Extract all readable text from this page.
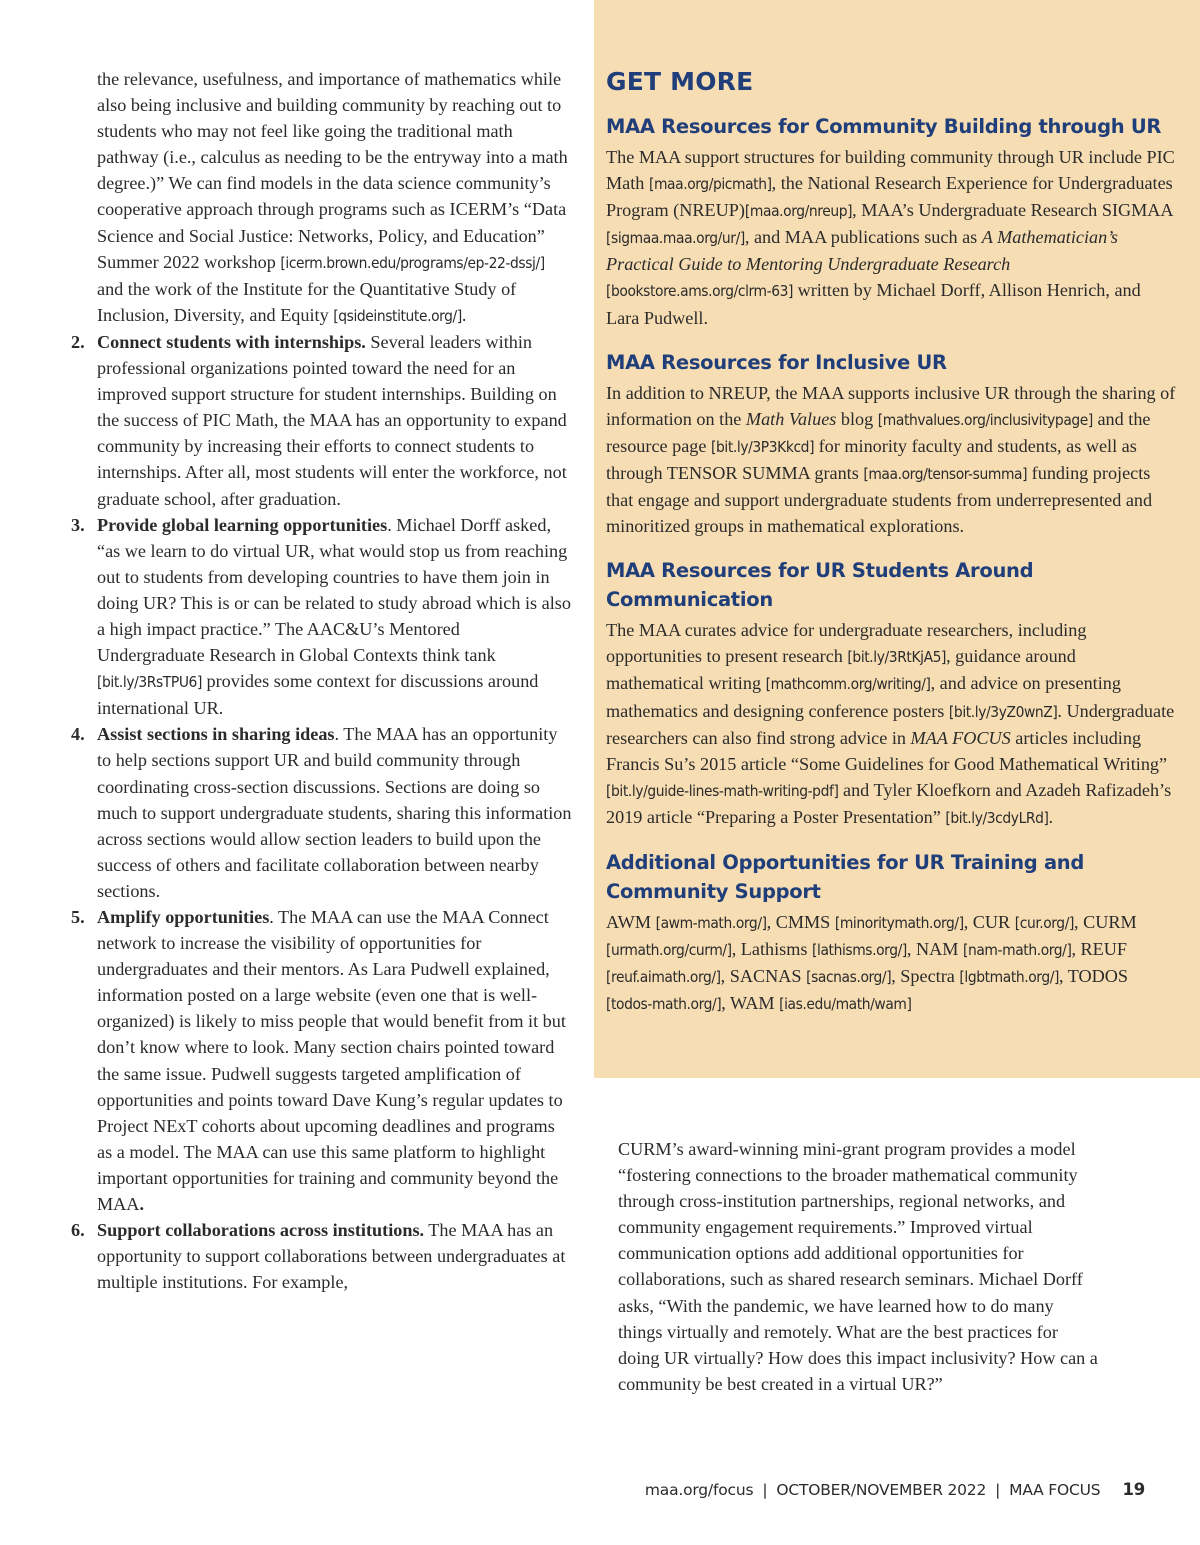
the relevance, usefulness, and importance of mathematics while also being inclusive and building community by reaching out to students who may not feel like going the traditional math pathway (i.e., calculus as needing to be the entryway into a math degree.)” We can find models in the data science community’s cooperative approach through programs such as ICERM’s “Data Science and Social Justice: Networks, Policy, and Education” Summer 2022 workshop [icerm.brown.edu/programs/ep-22-dssj/] and the work of the Institute for the Quantitative Study of Inclusion, Diversity, and Equity [qsideinstitute.org/].

2. Connect students with internships. Several leaders within professional organizations pointed toward the need for an improved support structure for student internships. Building on the success of PIC Math, the MAA has an opportunity to expand community by increasing their efforts to connect students to internships. After all, most students will enter the workforce, not graduate school, after graduation.

3. Provide global learning opportunities. Michael Dorff asked, “as we learn to do virtual UR, what would stop us from reaching out to students from developing countries to have them join in doing UR? This is or can be related to study abroad which is also a high impact practice.” The AAC&U’s Mentored Undergraduate Research in Global Contexts think tank [bit.ly/3RsTPU6] provides some context for discussions around international UR.

4. Assist sections in sharing ideas. The MAA has an opportunity to help sections support UR and build community through coordinating cross-section discussions. Sections are doing so much to support undergraduate students, sharing this information across sections would allow section leaders to build upon the success of others and facilitate collaboration between nearby sections.

5. Amplify opportunities. The MAA can use the MAA Connect network to increase the visibility of opportunities for undergraduates and their mentors. As Lara Pudwell explained, information posted on a large website (even one that is well-organized) is likely to miss people that would benefit from it but don’t know where to look. Many section chairs pointed toward the same issue. Pudwell suggests targeted amplification of opportunities and points toward Dave Kung’s regular updates to Project NExT cohorts about upcoming deadlines and programs as a model. The MAA can use this same platform to highlight important opportunities for training and community beyond the MAA.

6. Support collaborations across institutions. The MAA has an opportunity to support collaborations between undergraduates at multiple institutions. For example,

GET MORE
MAA Resources for Community Building through UR

The MAA support structures for building community through UR include PIC Math [maa.org/picmath], the National Research Experience for Undergraduates Program (NREUP)[maa.org/nreup], MAA’s Undergraduate Research SIGMAA [sigmaa.maa.org/ur/], and MAA publications such as A Mathematician’s Practical Guide to Mentoring Undergraduate Research [bookstore.ams.org/clrm-63] written by Michael Dorff, Allison Henrich, and Lara Pudwell.

MAA Resources for Inclusive UR

In addition to NREUP, the MAA supports inclusive UR through the sharing of information on the Math Values blog [mathvalues.org/inclusivitypage] and the resource page [bit.ly/3P3Kkcd] for minority faculty and students, as well as through TENSOR SUMMA grants [maa.org/tensor-summa] funding projects that engage and support undergraduate students from underrepresented and minoritized groups in mathematical explorations.

MAA Resources for UR Students Around Communication

The MAA curates advice for undergraduate researchers, including opportunities to present research [bit.ly/3RtKjA5], guidance around mathematical writing [mathcomm.org/writing/], and advice on presenting mathematics and designing conference posters [bit.ly/3yZ0wnZ]. Undergraduate researchers can also find strong advice in MAA FOCUS articles including Francis Su’s 2015 article “Some Guidelines for Good Mathematical Writing” [bit.ly/guide-lines-math-writing-pdf] and Tyler Kloefkorn and Azadeh Rafizadeh’s 2019 article “Preparing a Poster Presentation” [bit.ly/3cdyLRd].

Additional Opportunities for UR Training and Community Support

AWM [awm-math.org/], CMMS [minoritymath.org/], CUR [cur.org/], CURM [urmath.org/curm/], Lathisms [lathisms.org/], NAM [nam-math.org/], REUF [reuf.aimath.org/], SACNAS [sacnas.org/], Spectra [lgbtmath.org/], TODOS [todos-math.org/], WAM [ias.edu/math/wam]

CURM’s award-winning mini-grant program provides a model “fostering connections to the broader mathematical community through cross-institution partnerships, regional networks, and community engagement requirements.” Improved virtual communication options add additional opportunities for collaborations, such as shared research seminars. Michael Dorff asks, “With the pandemic, we have learned how to do many things virtually and remotely. What are the best practices for doing UR virtually? How does this impact inclusivity? How can a community be best created in a virtual UR?”

maa.org/focus | OCTOBER/NOVEMBER 2022 | MAA FOCUS 19
